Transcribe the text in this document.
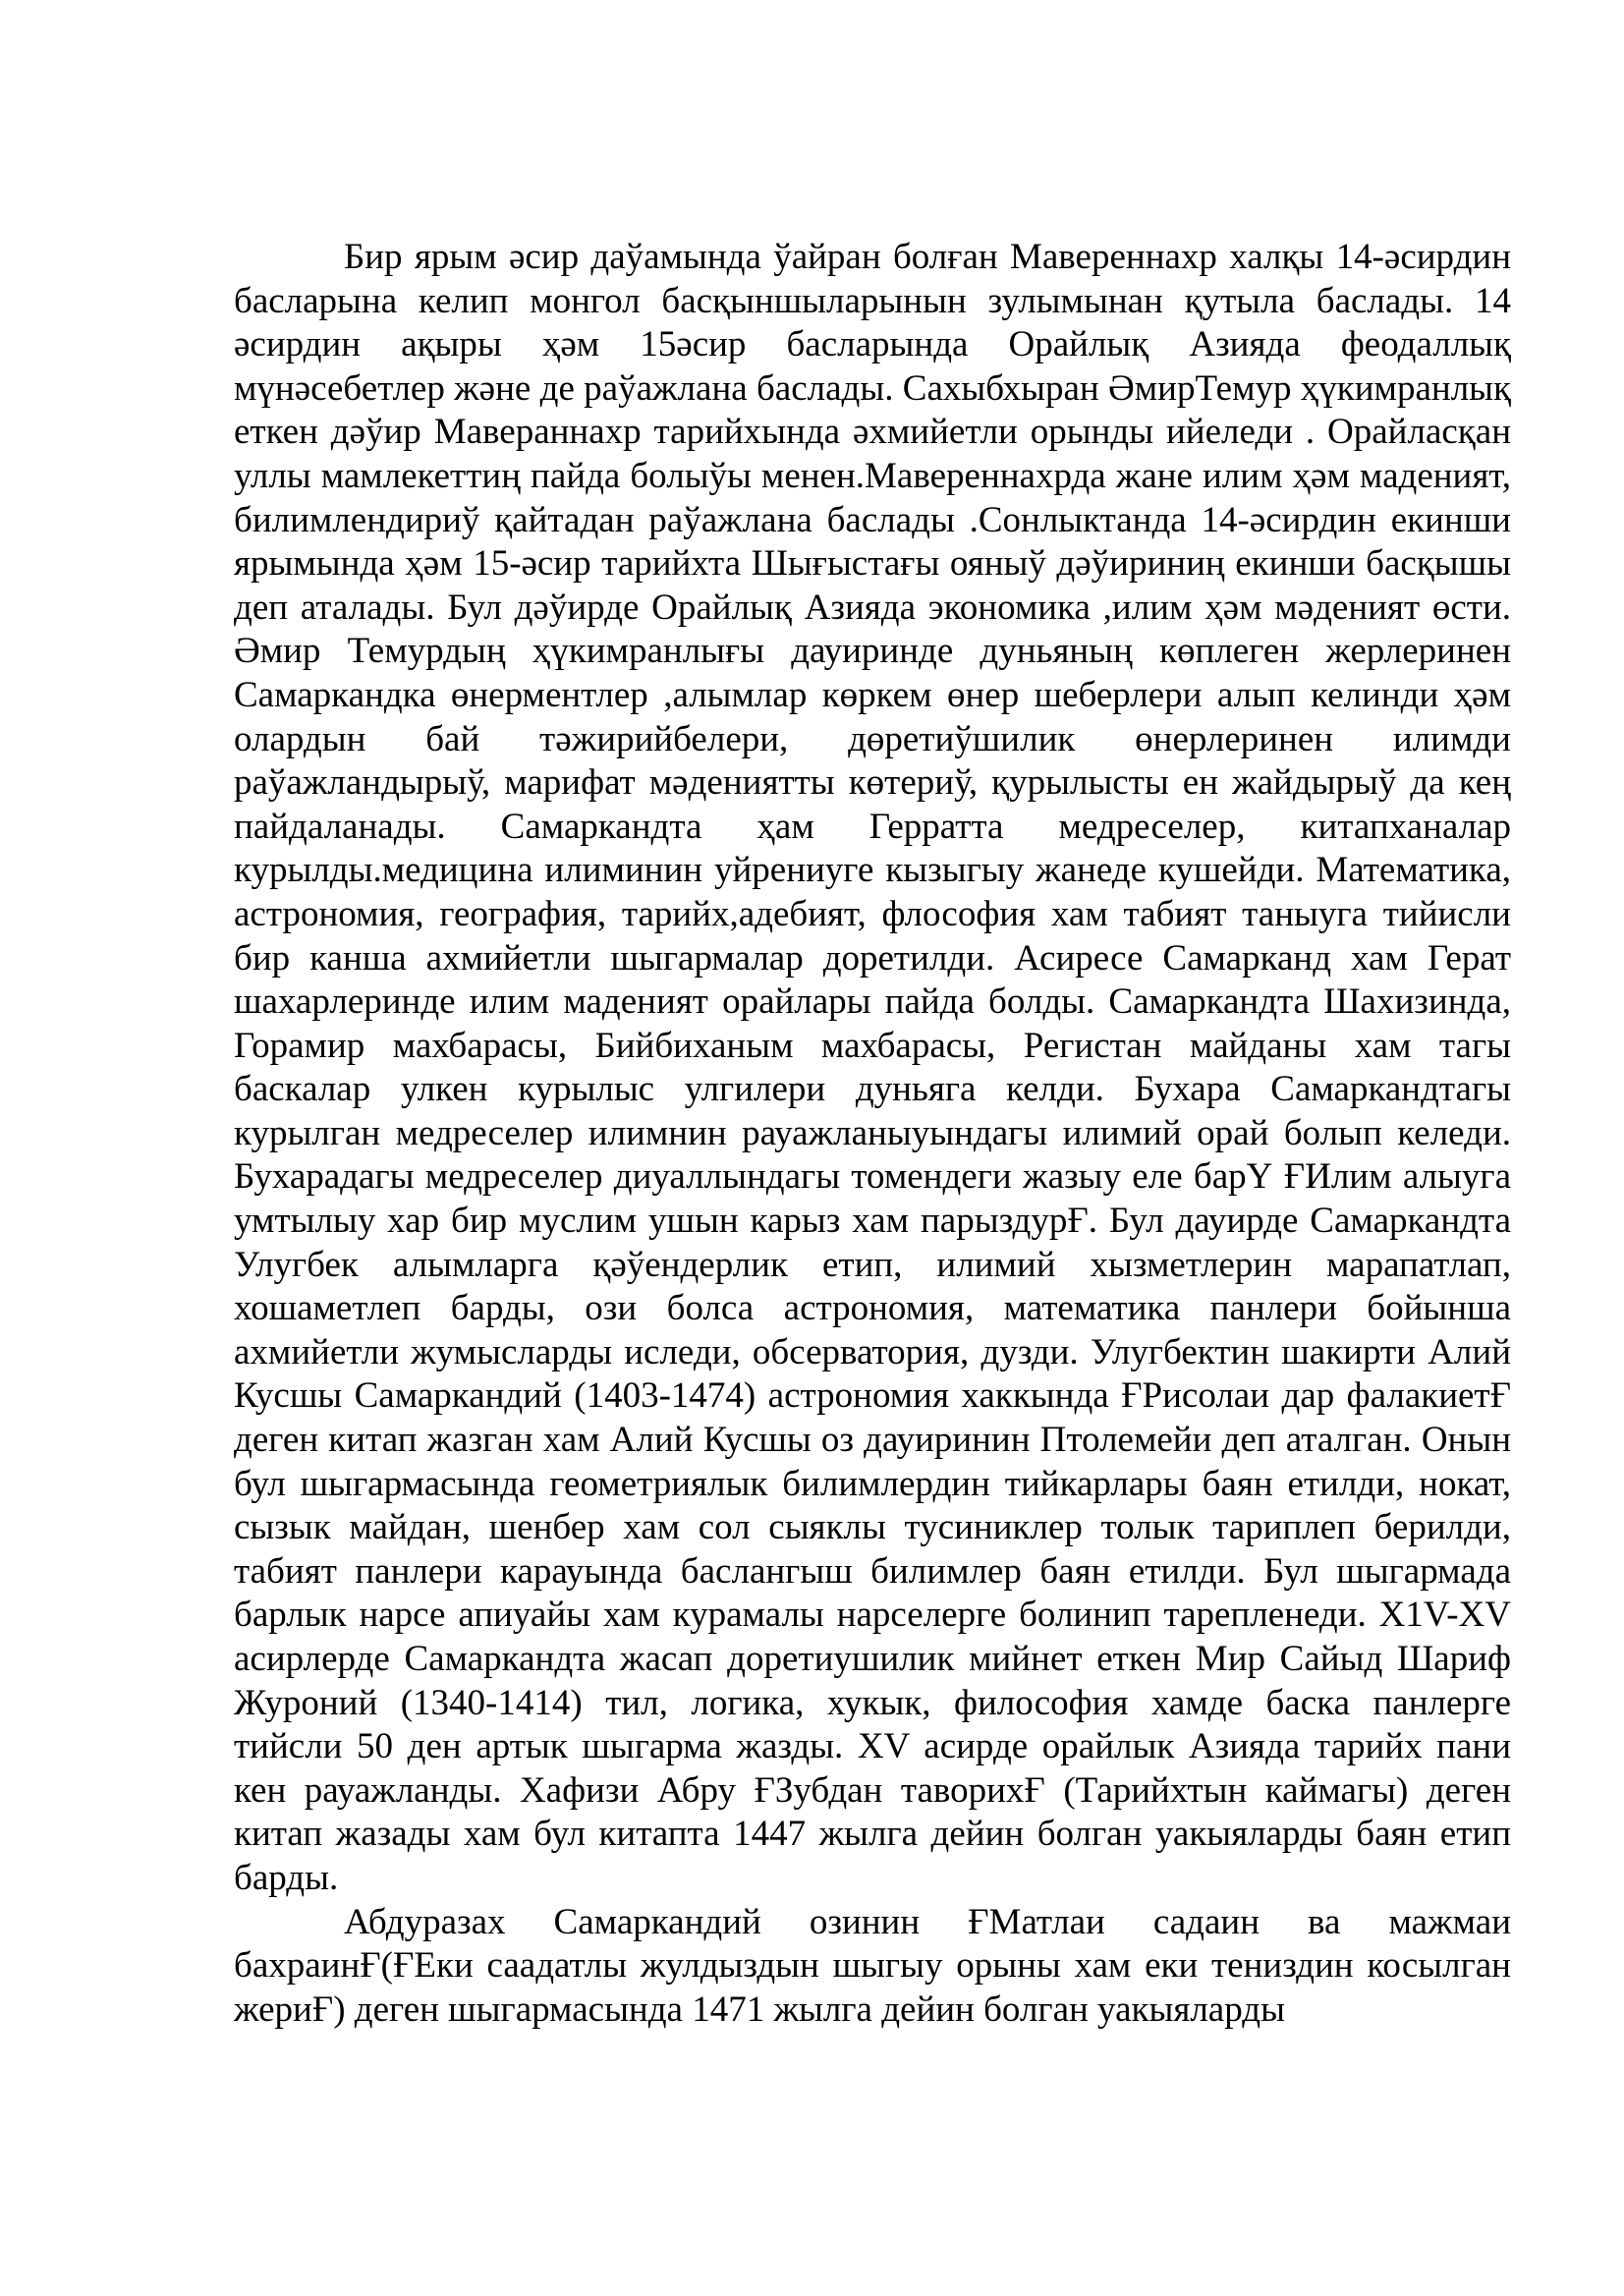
Бир ярым әсир даўамында ўайран болған Мавереннахр халқы 14-әсирдин басларына келип монгол басқыншыларынын зулымынан қутыла баслады. 14 әсирдин ақыры ҳәм 15әсир басларында Орайлық Азияда феодаллық мүнәсебетлер және де раўажлана баслады. Сахыбхыран ӘмирТемур ҳүкимранлық еткен дәўир Мавераннахр тарийхында әхмийетли орынды ийеледи . Орайласқан уллы мамлекеттиң пайда болыўы менен.Мавереннахрда жане илим ҳәм маденият, билимлендириў қайтадан раўажлана баслады .Сонлыктанда 14-әсирдин екинши ярымында ҳәм 15-әсир тарийхта Шығыстағы ояныў дәўириниң екинши басқышы деп аталады. Бул дәўирде Орайлық Азияда экономика ,илим ҳәм мәдeният өсти. Әмир Темурдың ҳүкимранлығы дауиринде дуньяның көплеген жерлеринен Самаркандка өнерментлер ,алымлар көркем өнер шеберлери алып келинди ҳәм олардын бай тәжирийбелери, дөретиўшилик өнерлеринен илимди раўажландырыў, марифат мәдениятты көтериў, қурылысты ен жайдырыў да кең пайдаланады. Самаркандта ҳам Герратта медреселер, китапханалар курылды.медицина илиминин уйрениуге кызыгыу жанеде кушейди. Математика, астрономия, география, тарийх,адебият, флософия хам табият таныуга тийисли бир канша ахмийетли шыгармалар доретилди. Асиресе Самарканд хам Герат шахарлеринде илим маденият орайлары пайда болды. Самаркандта Шахизинда, Горамир махбарасы, Бийбиханым махбарасы, Регистан майданы хам тагы баскалар улкен курылыс улгилери дуньяга келди. Бухара Самаркандтагы курылган медреселер илимнин рауажланыуындагы илимий орай болып келеди. Бухарадагы медреселер диуаллындагы томендеги жазыу еле барҮ ҒИлим алыуга умтылыу хар бир муслим ушын карыз хам парыздурҒ. Бул дауирде Самаркандта Улугбек алымларга қәўендерлик етип, илимий хызметлерин марапатлап, хошаметлеп барды, ози болса астрономия, математика панлери бойынша ахмийетли жумысларды иследи, обсерватория, дузди. Улугбектин шакирти Алий Кусшы Самаркандий (1403-1474) астрономия хаккында ҒРисолаи дар фалакиетҒ деген китап жазган хам Алий Кусшы оз дауиринин Птолемейи деп аталган. Онын бул шыгармасында геометриялык билимлердин тийкарлары баян етилди, нокат, сызык майдан, шенбер хам сол сыяклы тусиниклер толык тариплеп берилди, табият панлери карауында баслангыш билимлер баян етилди. Бул шыгармада барлык нарсе апиуайы хам курамалы нарселерге болинип тарепленеди. Х1V-ХV асирлерде Самаркандта жасап доретиушилик мийнет еткен Мир Сайыд Шариф Журоний (1340-1414) тил, логика, хукык, философия хамде баска панлерге тийсли 50 ден артык шыгарма жазды. ХV асирде орайлык Азияда тарийх пани кен рауажланды. Хафизи Абру ҒЗубдан таворихҒ (Тарийхтын каймагы) деген китап жазады хам бул китапта 1447 жылга дейин болган уакыяларды баян етип барды.

Абдуразах Самаркандий озинин ҒМатлаи садаин ва мажмаи бахраинҒ(ҒЕки саадатлы жулдыздын шыгыу орыны хам еки тениздин косылган жериҒ) деген шыгармасында 1471 жылга дейин болган уакыяларды
